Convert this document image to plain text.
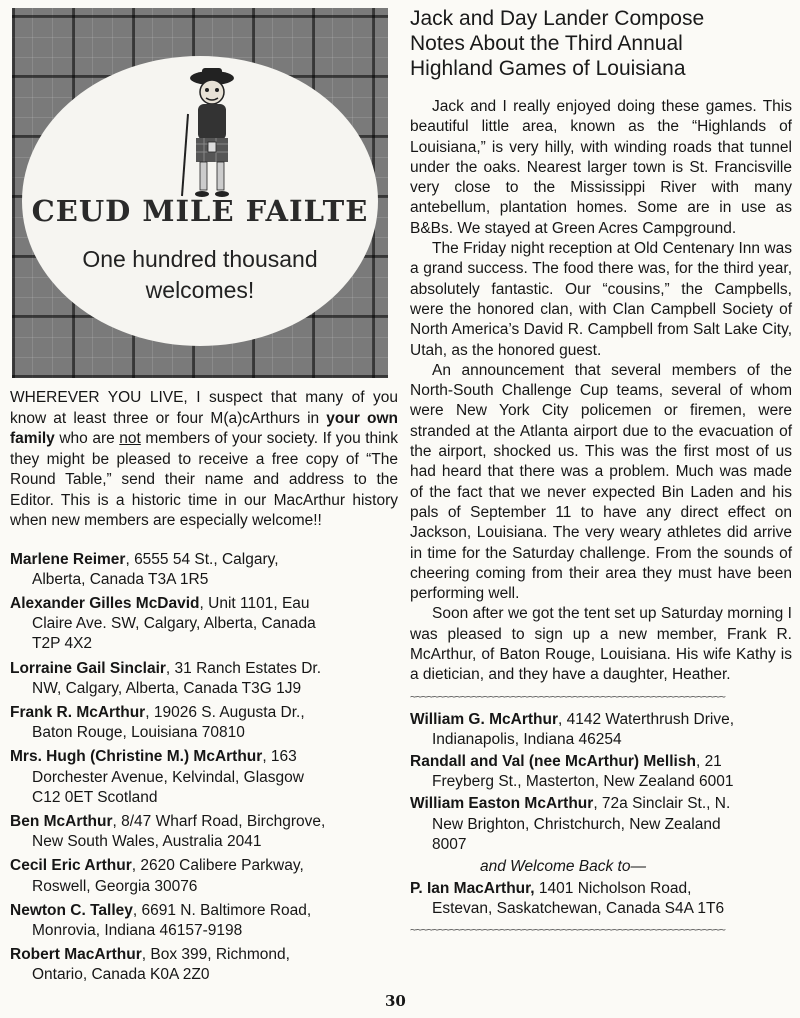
CEUD MILE FAILTE
One hundred thousand
welcomes!
WHEREVER YOU LIVE, I suspect that many of you know at least three or four M(a)cArthurs in your own family who are not members of your society. If you think they might be pleased to receive a free copy of “The Round Table,” send their name and address to the Editor. This is a historic time in our MacArthur history when new members are especially welcome!!
Marlene Reimer, 6555 54 St., Calgary,
Alberta, Canada T3A 1R5
Alexander Gilles McDavid, Unit 1101, Eau
Claire Ave. SW, Calgary, Alberta, Canada
T2P 4X2
Lorraine Gail Sinclair, 31 Ranch Estates Dr.
NW, Calgary, Alberta, Canada T3G 1J9
Frank R. McArthur, 19026 S. Augusta Dr.,
Baton Rouge, Louisiana 70810
Mrs. Hugh (Christine M.) McArthur, 163
Dorchester Avenue, Kelvindal, Glasgow
C12 0ET Scotland
Ben McArthur, 8/47 Wharf Road, Birchgrove,
New South Wales, Australia 2041
Cecil Eric Arthur, 2620 Calibere Parkway,
Roswell, Georgia 30076
Newton C. Talley, 6691 N. Baltimore Road,
Monrovia, Indiana 46157-9198
Robert MacArthur, Box 399, Richmond,
Ontario, Canada K0A 2Z0
Jack and Day Lander Compose
Notes About the Third Annual
Highland Games of Louisiana

Jack and I really enjoyed doing these games. This beautiful little area, known as the “Highlands of Louisiana,” is very hilly, with winding roads that tunnel under the oaks. Nearest larger town is St. Francisville very close to the Mississippi River with many antebellum, plantation homes. Some are in use as B&Bs. We stayed at Green Acres Campground.

The Friday night reception at Old Centenary Inn was a grand success. The food there was, for the third year, absolutely fantastic. Our “cousins,” the Campbells, were the honored clan, with Clan Campbell Society of North America’s David R. Campbell from Salt Lake City, Utah, as the honored guest.

An announcement that several members of the North-South Challenge Cup teams, several of whom were New York City policemen or firemen, were stranded at the Atlanta airport due to the evacuation of the airport, shocked us. This was the first most of us had heard that there was a problem. Much was made of the fact that we never expected Bin Laden and his pals of September 11 to have any direct effect on Jackson, Louisiana. The very weary athletes did arrive in time for the Saturday challenge. From the sounds of cheering coming from their area they must have been performing well.

Soon after we got the tent set up Saturday morning I was pleased to sign up a new member, Frank R. McArthur, of Baton Rouge, Louisiana. His wife Kathy is a dietician, and they have a daughter, Heather.

~~~~~~~~~~~~~~~~~~~~~~~~~~~~~~~~~~~~~~~~~~~~~~~~~~~~~~~~
William G. McArthur, 4142 Waterthrush Drive,
Indianapolis, Indiana 46254
Randall and Val (nee McArthur) Mellish, 21
Freyberg St., Masterton, New Zealand 6001
William Easton McArthur, 72a Sinclair St., N.
New Brighton, Christchurch, New Zealand
8007
and Welcome Back to—
P. Ian MacArthur, 1401 Nicholson Road,
Estevan, Saskatchewan, Canada S4A 1T6
~~~~~~~~~~~~~~~~~~~~~~~~~~~~~~~~~~~~~~~~~~~~~~~~~~~~~~~~
30
